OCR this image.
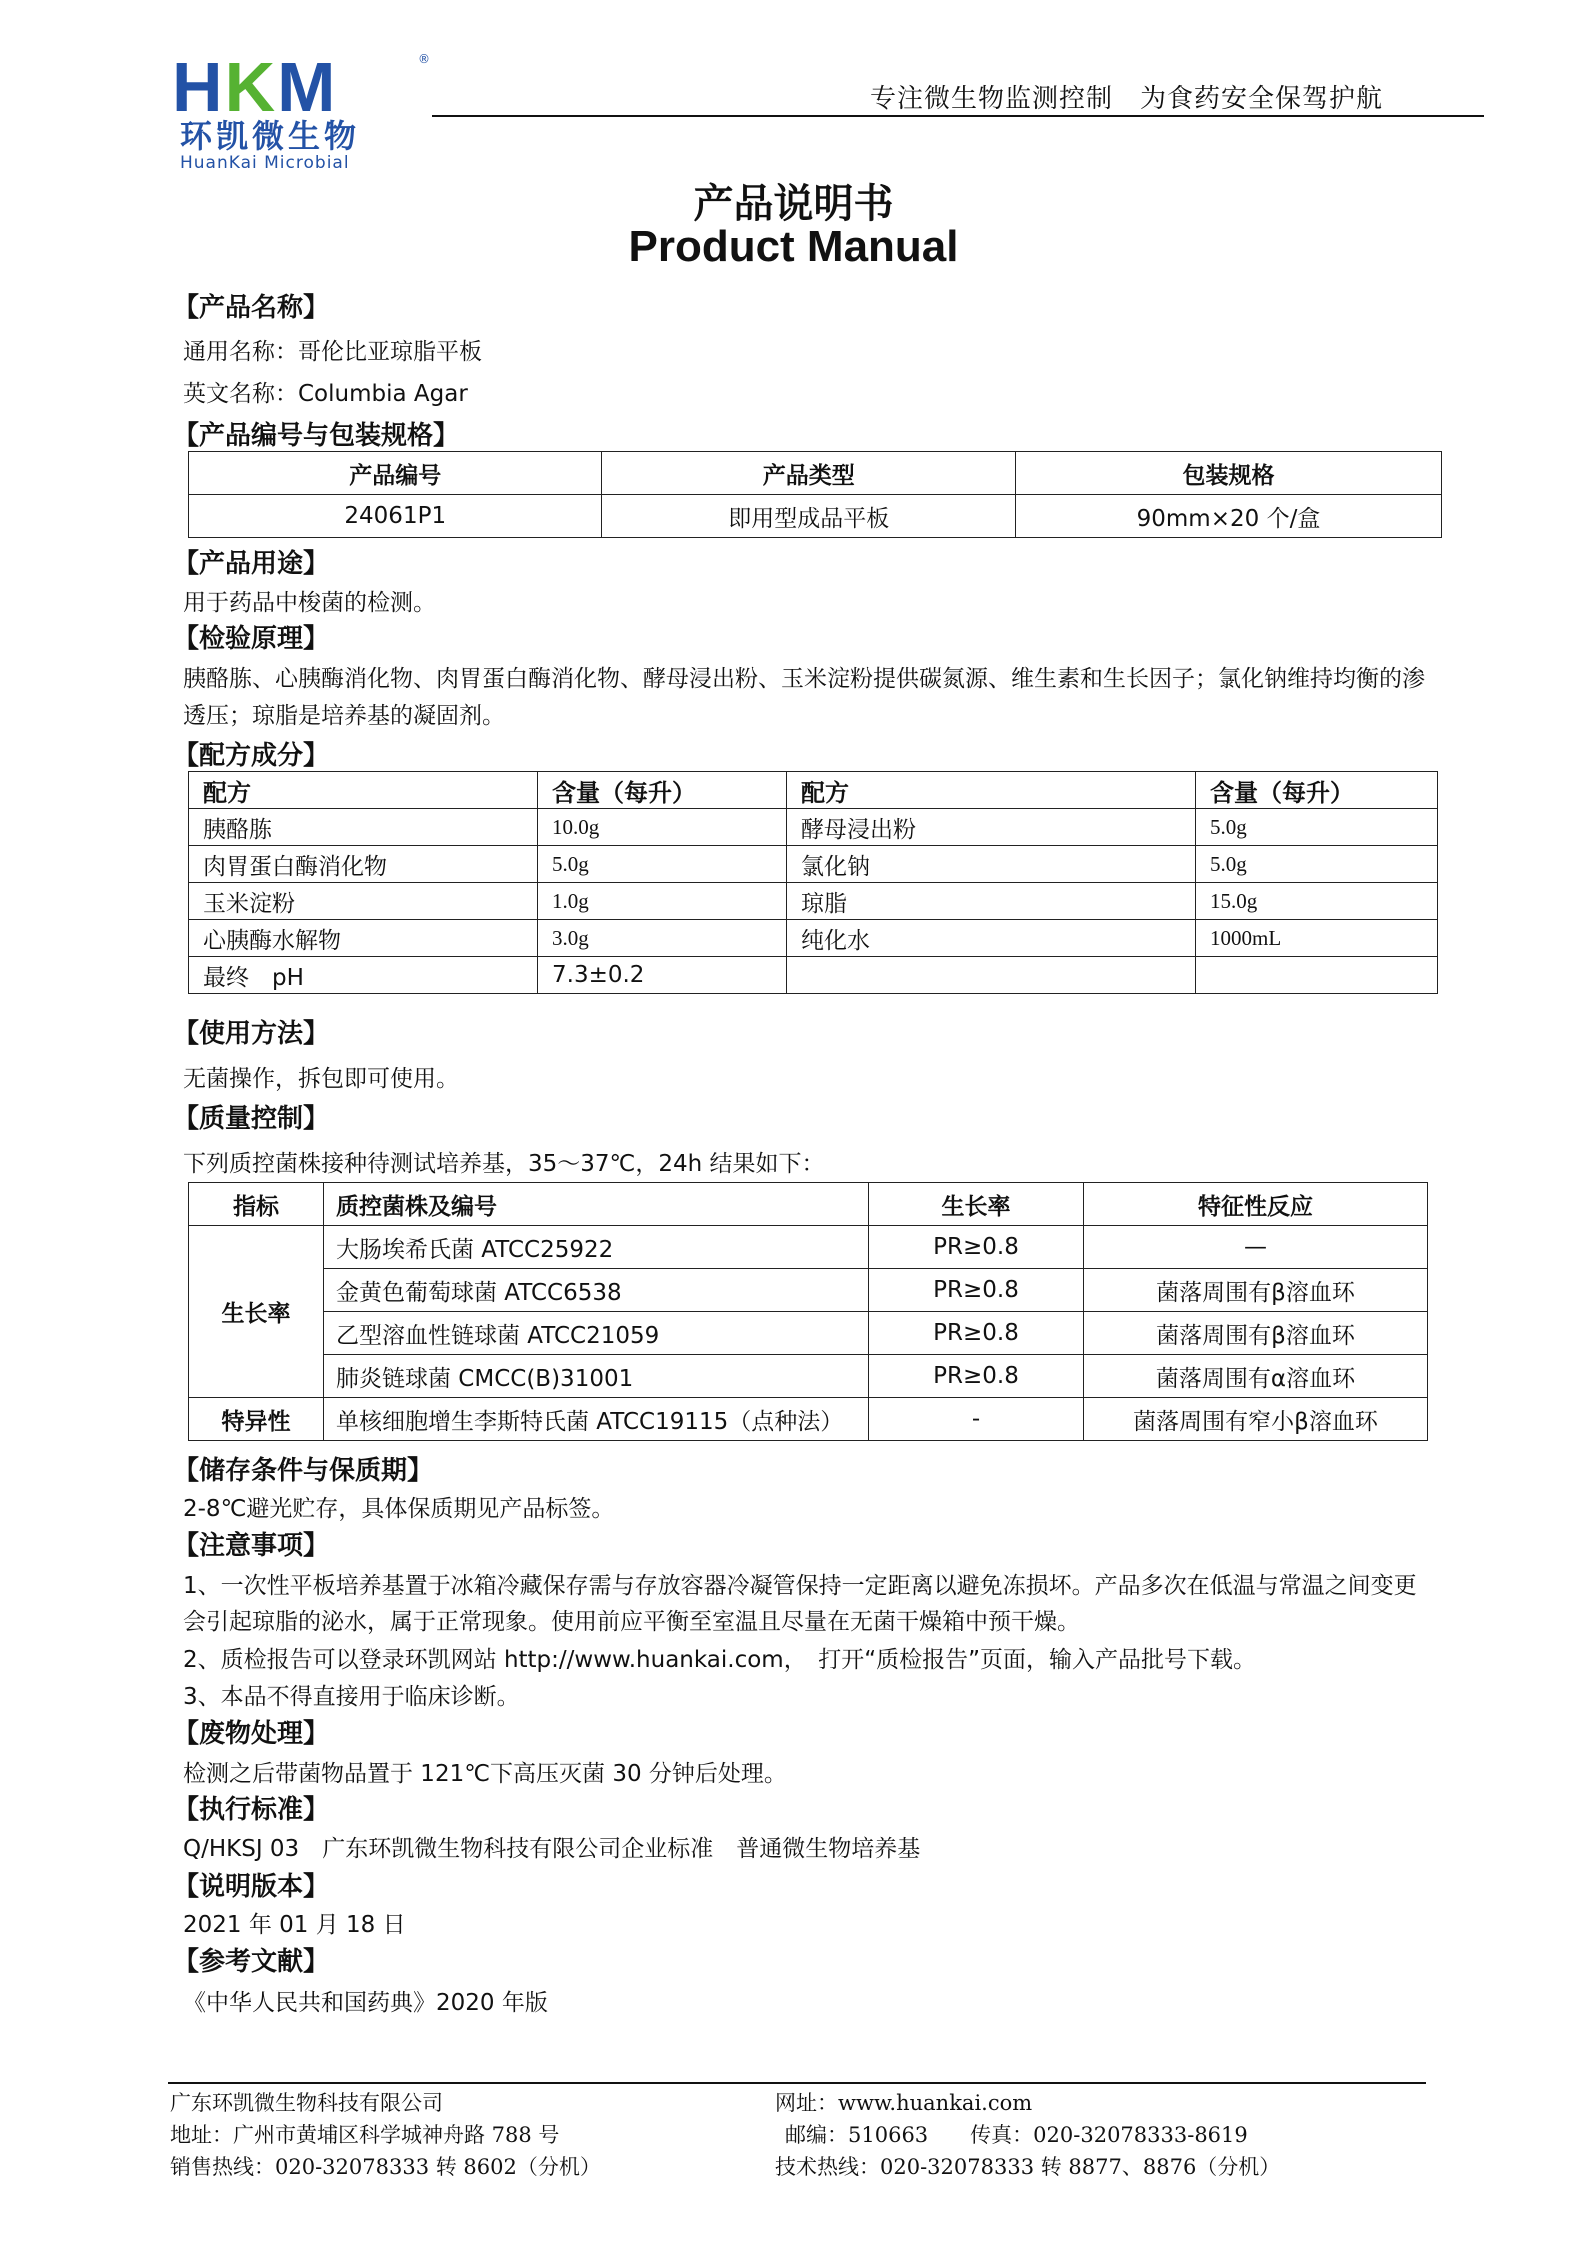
HKM	®
环凯微生物
HuanKai Microbial
专注微生物监测控制　为食药安全保驾护航
产品说明书
Product Manual
【产品名称】
通用名称：哥伦比亚琼脂平板
英文名称：Columbia Agar
【产品编号与包装规格】
产品编号	产品类型	包装规格
24061P1	即用型成品平板	90mm×20 个/盒
【产品用途】
用于药品中梭菌的检测。
【检验原理】
胰酪胨、心胰酶消化物、肉胃蛋白酶消化物、酵母浸出粉、玉米淀粉提供碳氮源、维生素和生长因子；氯化钠维持均衡的渗
透压；琼脂是培养基的凝固剂。
【配方成分】
配方	含量（每升）	配方	含量（每升）
胰酪胨	10.0g	酵母浸出粉	5.0g
肉胃蛋白酶消化物	5.0g	氯化钠	5.0g
玉米淀粉	1.0g	琼脂	15.0g
心胰酶水解物	3.0g	纯化水	1000mL
最终　pH	7.3±0.2		
【使用方法】
无菌操作，拆包即可使用。
【质量控制】
下列质控菌株接种待测试培养基，35～37℃，24h 结果如下：
指标	质控菌株及编号	生长率	特征性反应
生长率	大肠埃希氏菌 ATCC25922	PR≥0.8	—
	金黄色葡萄球菌 ATCC6538	PR≥0.8	菌落周围有β溶血环
	乙型溶血性链球菌 ATCC21059	PR≥0.8	菌落周围有β溶血环
	肺炎链球菌 CMCC(B)31001	PR≥0.8	菌落周围有α溶血环
特异性	单核细胞增生李斯特氏菌 ATCC19115（点种法）	-	菌落周围有窄小β溶血环
【储存条件与保质期】
2-8℃避光贮存，具体保质期见产品标签。
【注意事项】
1、一次性平板培养基置于冰箱冷藏保存需与存放容器冷凝管保持一定距离以避免冻损坏。产品多次在低温与常温之间变更
会引起琼脂的泌水，属于正常现象。使用前应平衡至室温且尽量在无菌干燥箱中预干燥。
2、质检报告可以登录环凯网站 http://www.huankai.com，　打开“质检报告”页面，输入产品批号下载。
3、本品不得直接用于临床诊断。
【废物处理】
检测之后带菌物品置于 121℃下高压灭菌 30 分钟后处理。
【执行标准】
Q/HKSJ 03　广东环凯微生物科技有限公司企业标准　普通微生物培养基
【说明版本】
2021 年 01 月 18 日
【参考文献】
《中华人民共和国药典》2020 年版
广东环凯微生物科技有限公司
地址：广州市黄埔区科学城神舟路 788 号
销售热线：020-32078333 转 8602（分机）
网址：www.huankai.com
邮编：510663　　传真：020-32078333-8619
技术热线：020-32078333 转 8877、8876（分机）
